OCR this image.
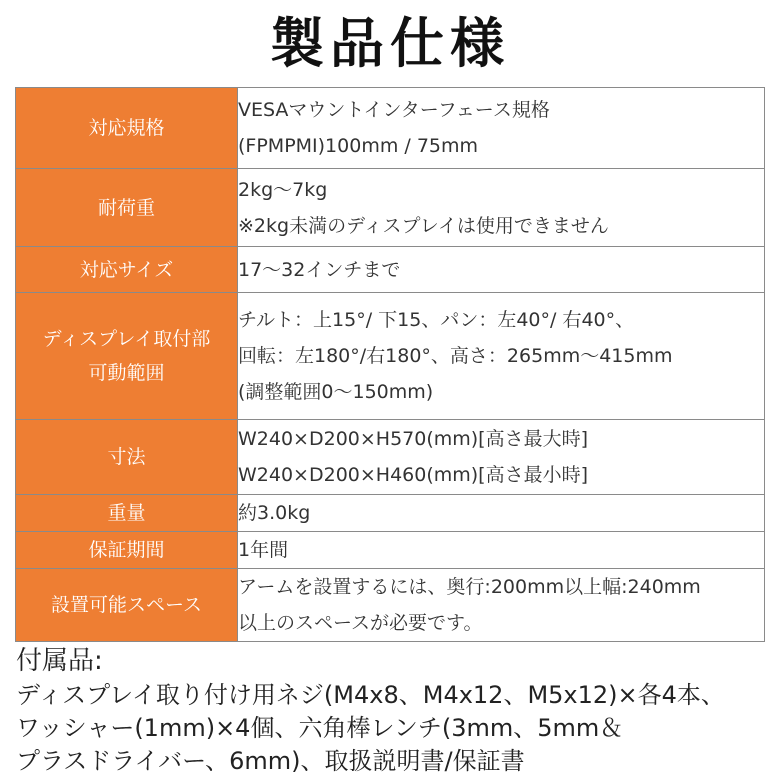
製品仕様
対応規格	VESAマウントインターフェース規格
(FPMPMI)100mm / 75mm

耐荷重	2kg～7kg
※2kg未満のディスプレイは使用できません

対応サイズ	17～32インチまで

ディスプレイ取付部
可動範囲	チルト：上15°/ 下15、パン：左40°/ 右40°、
回転：左180°/右180°、高さ：265mm～415mm
(調整範囲0～150mm)

寸法	W240×D200×H570(mm)[高さ最大時]
W240×D200×H460(mm)[高さ最小時]

重量	約3.0kg

保証期間	1年間

設置可能スペース	アームを設置するには、奥行:200mm以上幅:240mm
以上のスペースが必要です。
付属品:
ディスプレイ取り付け用ネジ(M4x8、M4x12、M5x12)×各4本、
ワッシャー(1mm)×4個、六角棒レンチ(3mm、5mm＆
プラスドライバー、6mm)、取扱説明書/保証書
